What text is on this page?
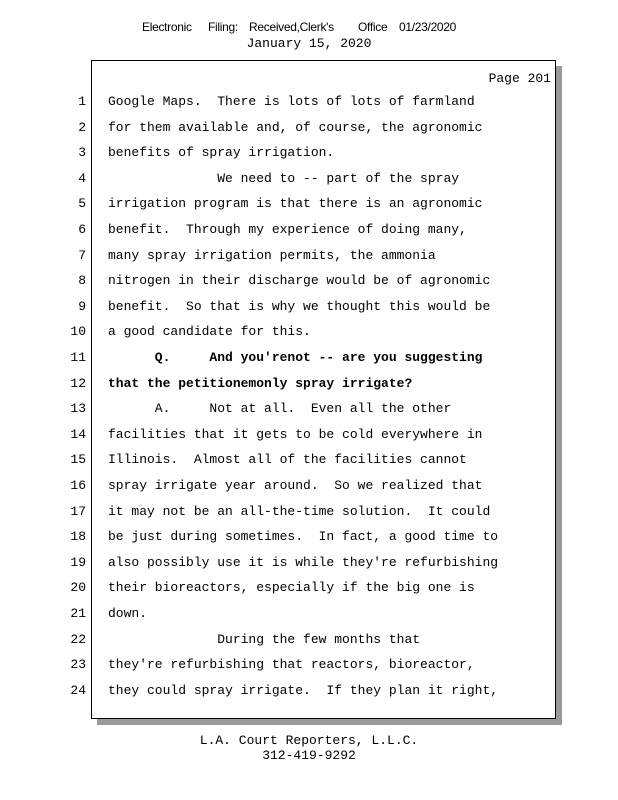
Electronic Filing: Received,Clerk's Office 01/23/2020
January 15, 2020
Page 201
1 Google Maps.  There is lots of lots of farmland
2 for them available and, of course, the agronomic
3 benefits of spray irrigation.
4 We need to -- part of the spray
5 irrigation program is that there is an agronomic
6 benefit.  Through my experience of doing many,
7 many spray irrigation permits, the ammonia
8 nitrogen in their discharge would be of agronomic
9 benefit.  So that is why we thought this would be
10 a good candidate for this.
11 Q.     And you'renot -- are you suggesting
12 that the petitionemonly spray irrigate?
13 A.     Not at all.  Even all the other
14 facilities that it gets to be cold everywhere in
15 Illinois.  Almost all of the facilities cannot
16 spray irrigate year around.  So we realized that
17 it may not be an all-the-time solution.  It could
18 be just during sometimes.  In fact, a good time to
19 also possibly use it is while they're refurbishing
20 their bioreactors, especially if the big one is
21 down.
22 During the few months that
23 they're refurbishing that reactors, bioreactor,
24 they could spray irrigate.  If they plan it right,
L.A. Court Reporters, L.L.C.
312-419-9292
